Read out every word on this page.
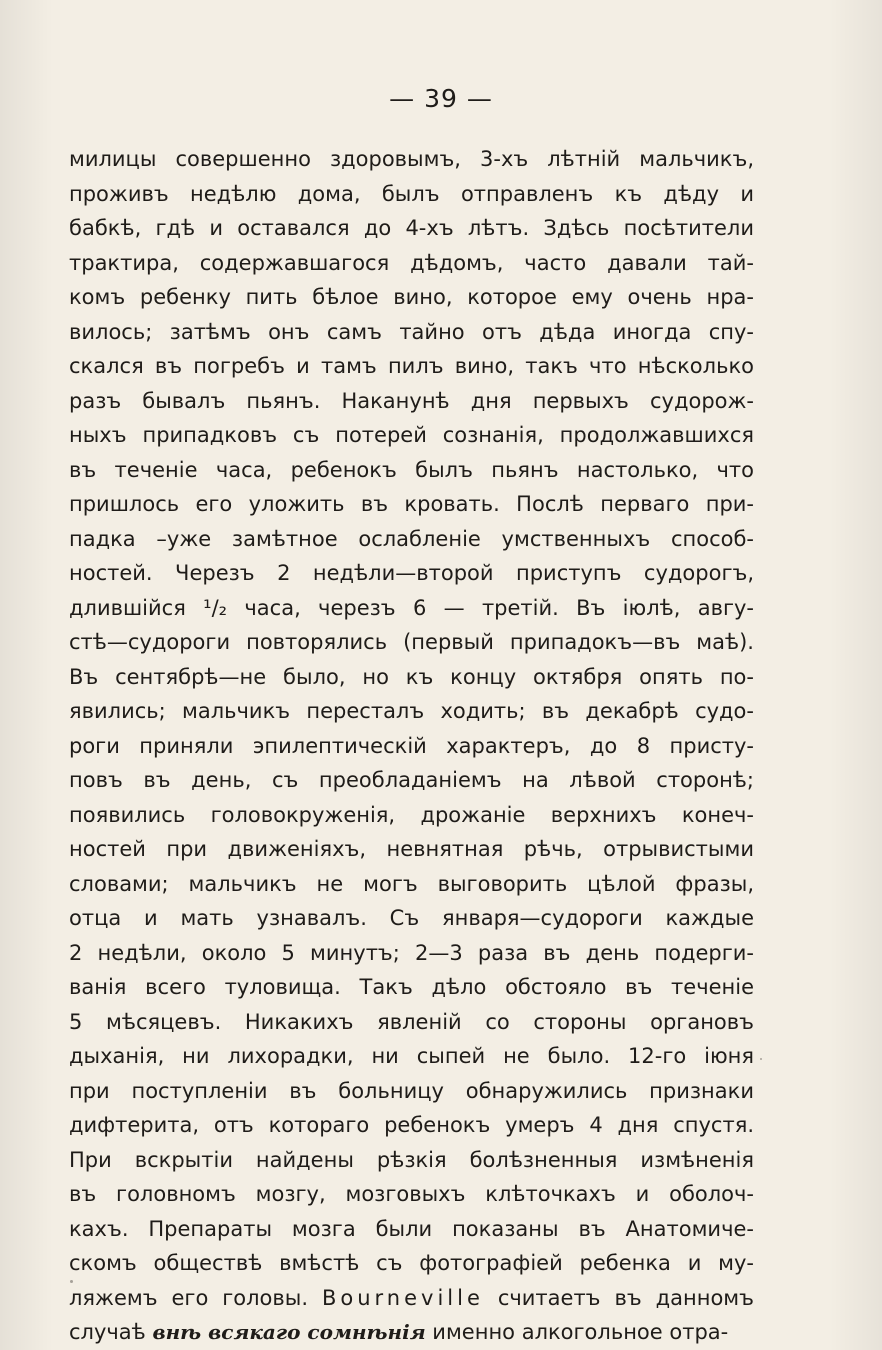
— 39 —
милицы совершенно здоровымъ, 3-хъ лѣтній мальчикъ,
проживъ недѣлю дома, былъ отправленъ къ дѣду и
бабкѣ, гдѣ и оставался до 4-хъ лѣтъ. Здѣсь посѣтители
трактира, содержавшагося дѣдомъ, часто давали тай-
комъ ребенку пить бѣлое вино, которое ему очень нра-
вилось; затѣмъ онъ самъ тайно отъ дѣда иногда спу-
скался въ погребъ и тамъ пилъ вино, такъ что нѣсколько
разъ бывалъ пьянъ. Наканунѣ дня первыхъ судорож-
ныхъ припадковъ съ потерей сознанія, продолжавшихся
въ теченіе часа, ребенокъ былъ пьянъ настолько, что
пришлось его уложить въ кровать. Послѣ перваго при-
падка –уже замѣтное ослабленіе умственныхъ способ-
ностей. Черезъ 2 недѣли—второй приступъ судорогъ,
длившійся ¹/₂ часа, черезъ 6 — третій. Въ іюлѣ, авгу-
стѣ—судороги повторялись (первый припадокъ—въ маѣ).
Въ сентябрѣ—не было, но къ концу октября опять по-
явились; мальчикъ пересталъ ходить; въ декабрѣ судо-
роги приняли эпилептическій характеръ, до 8 присту-
повъ въ день, съ преобладаніемъ на лѣвой сторонѣ;
появились головокруженія, дрожаніе верхнихъ конеч-
ностей при движеніяхъ, невнятная рѣчь, отрывистыми
словами; мальчикъ не могъ выговорить цѣлой фразы,
отца и мать узнавалъ. Съ января—судороги каждые
2 недѣли, около 5 минутъ; 2—3 раза въ день подерги-
ванія всего туловища. Такъ дѣло обстояло въ теченіе
5 мѣсяцевъ. Никакихъ явленій со стороны органовъ
дыханія, ни лихорадки, ни сыпей не было. 12-го іюня
при поступленіи въ больницу обнаружились признаки
дифтерита, отъ котораго ребенокъ умеръ 4 дня спустя.
При вскрытіи найдены рѣзкія болѣзненныя измѣненія
въ головномъ мозгу, мозговыхъ клѣточкахъ и оболоч-
кахъ. Препараты мозга были показаны въ Анатомиче-
скомъ обществѣ вмѣстѣ съ фотографіей ребенка и му-
ляжемъ его головы. Bourneville считаетъ въ данномъ
случаѣ внѣ всякаго сомнѣнія именно алкогольное отра-
